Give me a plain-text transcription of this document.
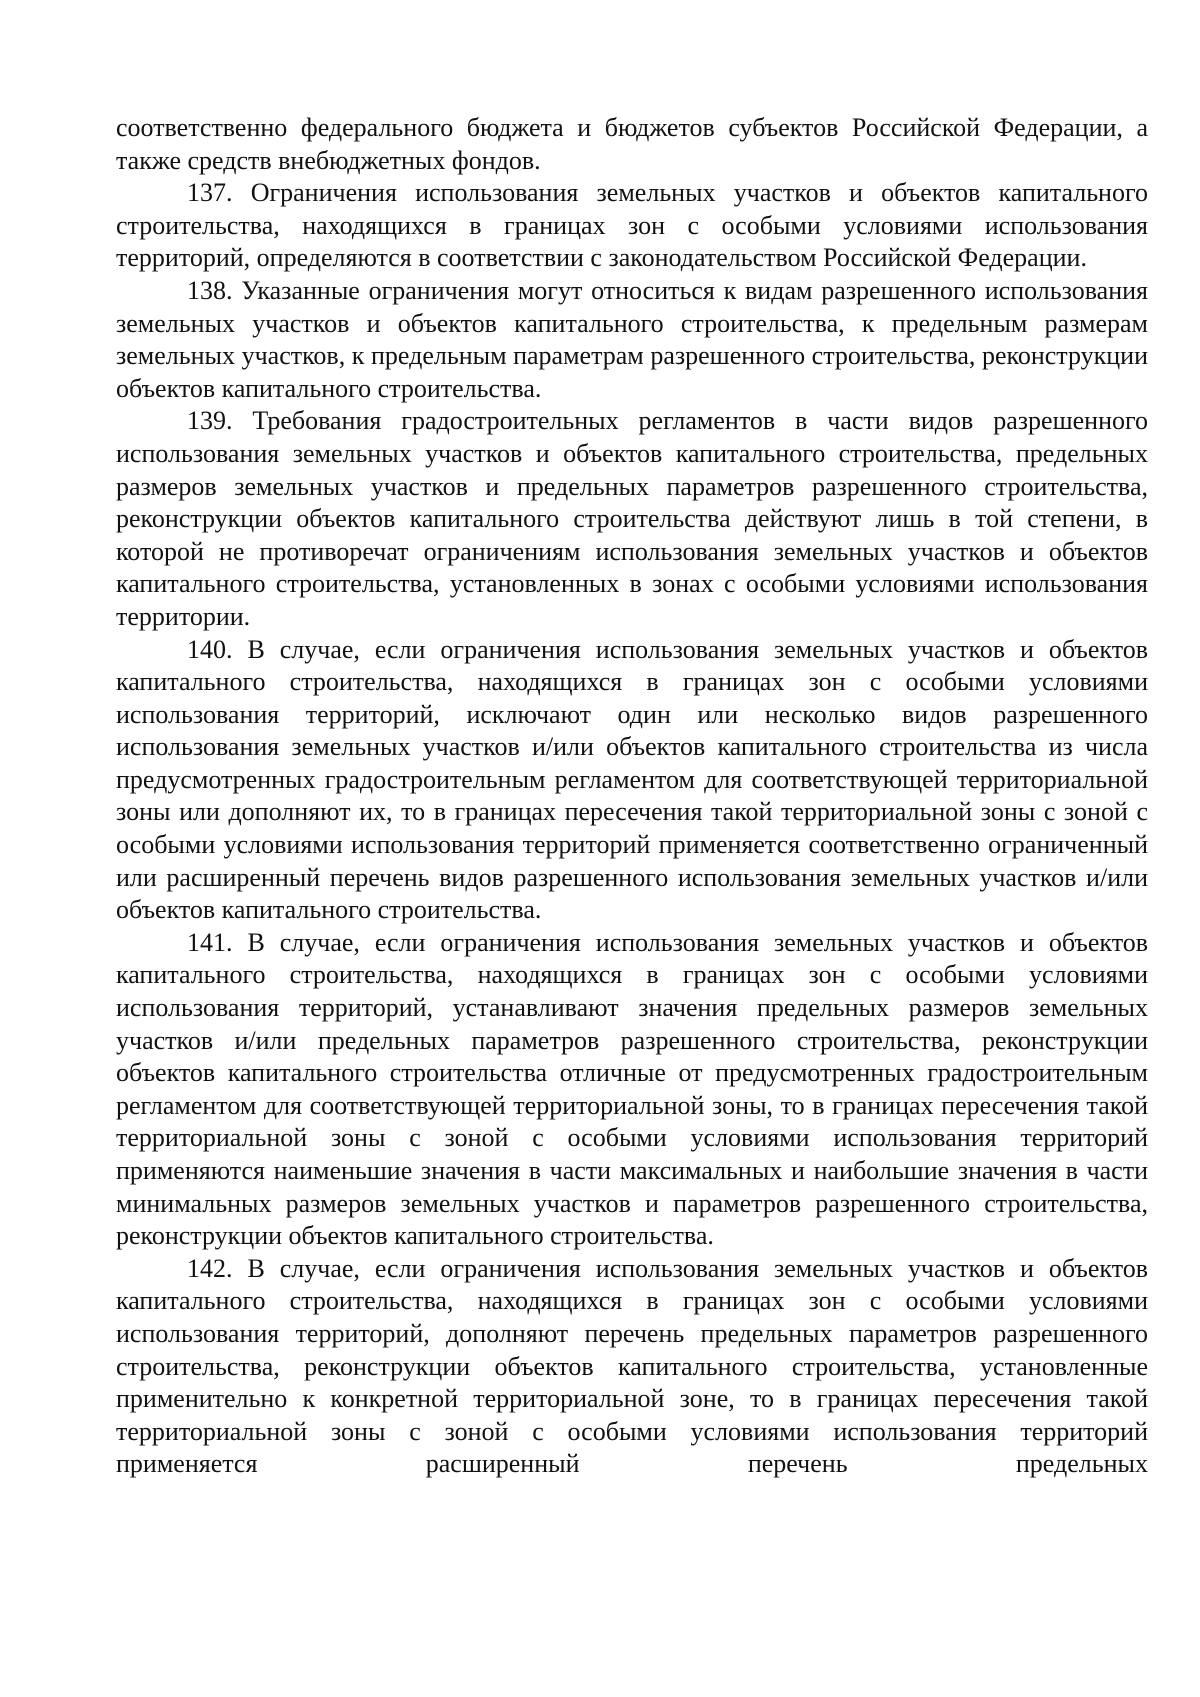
соответственно федерального бюджета и бюджетов субъектов Российской Федерации, а также средств внебюджетных фондов.

137. Ограничения использования земельных участков и объектов капитального строительства, находящихся в границах зон с особыми условиями использования территорий, определяются в соответствии с законодательством Российской Федерации.

138. Указанные ограничения могут относиться к видам разрешенного использования земельных участков и объектов капитального строительства, к предельным размерам земельных участков, к предельным параметрам разрешенного строительства, реконструкции объектов капитального строительства.

139. Требования градостроительных регламентов в части видов разрешенного использования земельных участков и объектов капитального строительства, предельных размеров земельных участков и предельных параметров разрешенного строительства, реконструкции объектов капитального строительства действуют лишь в той степени, в которой не противоречат ограничениям использования земельных участков и объектов капитального строительства, установленных в зонах с особыми условиями использования территории.

140. В случае, если ограничения использования земельных участков и объектов капитального строительства, находящихся в границах зон с особыми условиями использования территорий, исключают один или несколько видов разрешенного использования земельных участков и/или объектов капитального строительства из числа предусмотренных градостроительным регламентом для соответствующей территориальной зоны или дополняют их, то в границах пересечения такой территориальной зоны с зоной с особыми условиями использования территорий применяется соответственно ограниченный или расширенный перечень видов разрешенного использования земельных участков и/или объектов капитального строительства.

141. В случае, если ограничения использования земельных участков и объектов капитального строительства, находящихся в границах зон с особыми условиями использования территорий, устанавливают значения предельных размеров земельных участков и/или предельных параметров разрешенного строительства, реконструкции объектов капитального строительства отличные от предусмотренных градостроительным регламентом для соответствующей территориальной зоны, то в границах пересечения такой территориальной зоны с зоной с особыми условиями использования территорий применяются наименьшие значения в части максимальных и наибольшие значения в части минимальных размеров земельных участков и параметров разрешенного строительства, реконструкции объектов капитального строительства.

142. В случае, если ограничения использования земельных участков и объектов капитального строительства, находящихся в границах зон с особыми условиями использования территорий, дополняют перечень предельных параметров разрешенного строительства, реконструкции объектов капитального строительства, установленные применительно к конкретной территориальной зоне, то в границах пересечения такой территориальной зоны с зоной с особыми условиями использования территорий применяется расширенный перечень предельных
